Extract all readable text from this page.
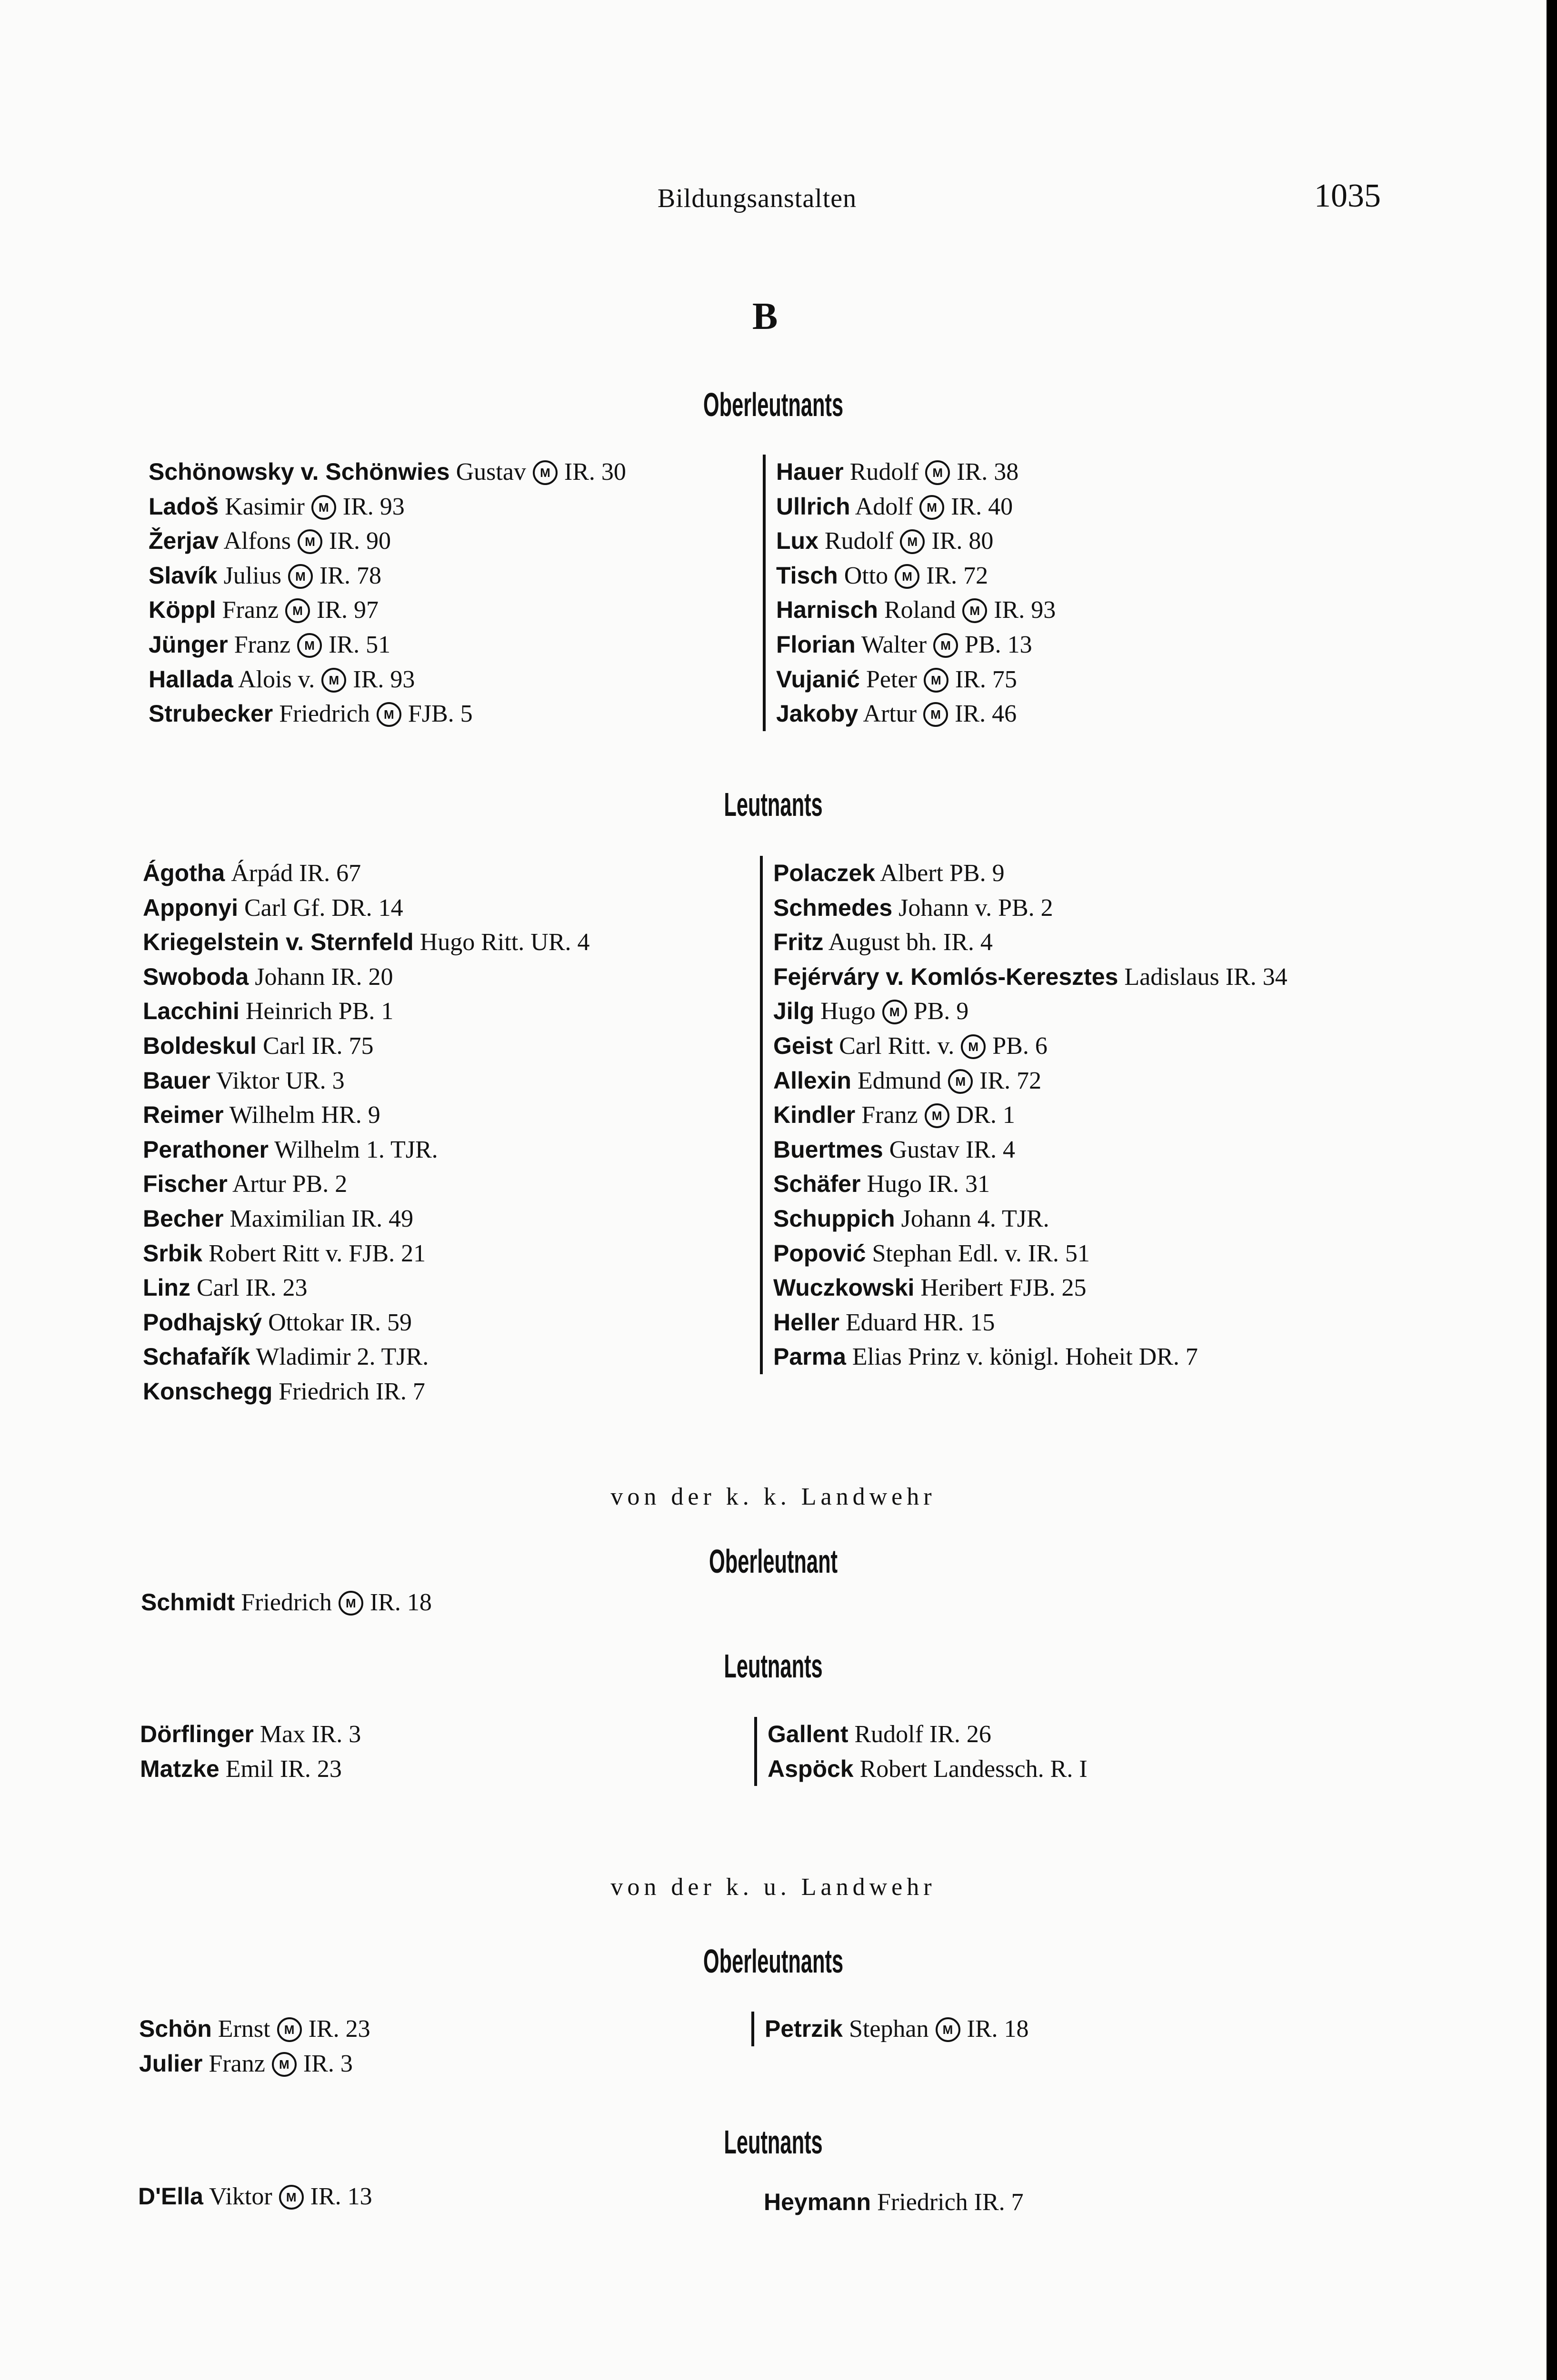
Bildungsanstalten	1035
B
Oberleutnants
Schönowsky v. Schönwies Gustav M IR. 30
Ladoš Kasimir M IR. 93
Žerjav Alfons M IR. 90
Slavík Julius M IR. 78
Köppl Franz M IR. 97
Jünger Franz M IR. 51
Hallada Alois v. M IR. 93
Strubecker Friedrich M FJB. 5
Hauer Rudolf M IR. 38
Ullrich Adolf M IR. 40
Lux Rudolf M IR. 80
Tisch Otto M IR. 72
Harnisch Roland M IR. 93
Florian Walter M PB. 13
Vujanić Peter M IR. 75
Jakoby Artur M IR. 46
Leutnants
Ágotha Árpád IR. 67
Apponyi Carl Gf. DR. 14
Kriegelstein v. Sternfeld Hugo Ritt. UR. 4
Swoboda Johann IR. 20
Lacchini Heinrich PB. 1
Boldeskul Carl IR. 75
Bauer Viktor UR. 3
Reimer Wilhelm HR. 9
Perathoner Wilhelm 1. TJR.
Fischer Artur PB. 2
Becher Maximilian IR. 49
Srbik Robert Ritt v. FJB. 21
Linz Carl IR. 23
Podhajský Ottokar IR. 59
Schafařík Wladimir 2. TJR.
Konschegg Friedrich IR. 7
Polaczek Albert PB. 9
Schmedes Johann v. PB. 2
Fritz August bh. IR. 4
Fejérváry v. Komlós-Keresztes Ladislaus IR. 34
Jilg Hugo M PB. 9
Geist Carl Ritt. v. M PB. 6
Allexin Edmund M IR. 72
Kindler Franz M DR. 1
Buertmes Gustav IR. 4
Schäfer Hugo IR. 31
Schuppich Johann 4. TJR.
Popović Stephan Edl. v. IR. 51
Wuczkowski Heribert FJB. 25
Heller Eduard HR. 15
Parma Elias Prinz v. königl. Hoheit DR. 7
von der k. k. Landwehr
Oberleutnant
Schmidt Friedrich M IR. 18
Leutnants
Dörflinger Max IR. 3
Matzke Emil IR. 23
Gallent Rudolf IR. 26
Aspöck Robert Landessch. R. I
von der k. u. Landwehr
Oberleutnants
Schön Ernst M IR. 23
Julier Franz M IR. 3
Petrzik Stephan M IR. 18
Leutnants
D'Ella Viktor M IR. 13	Heymann Friedrich IR. 7
